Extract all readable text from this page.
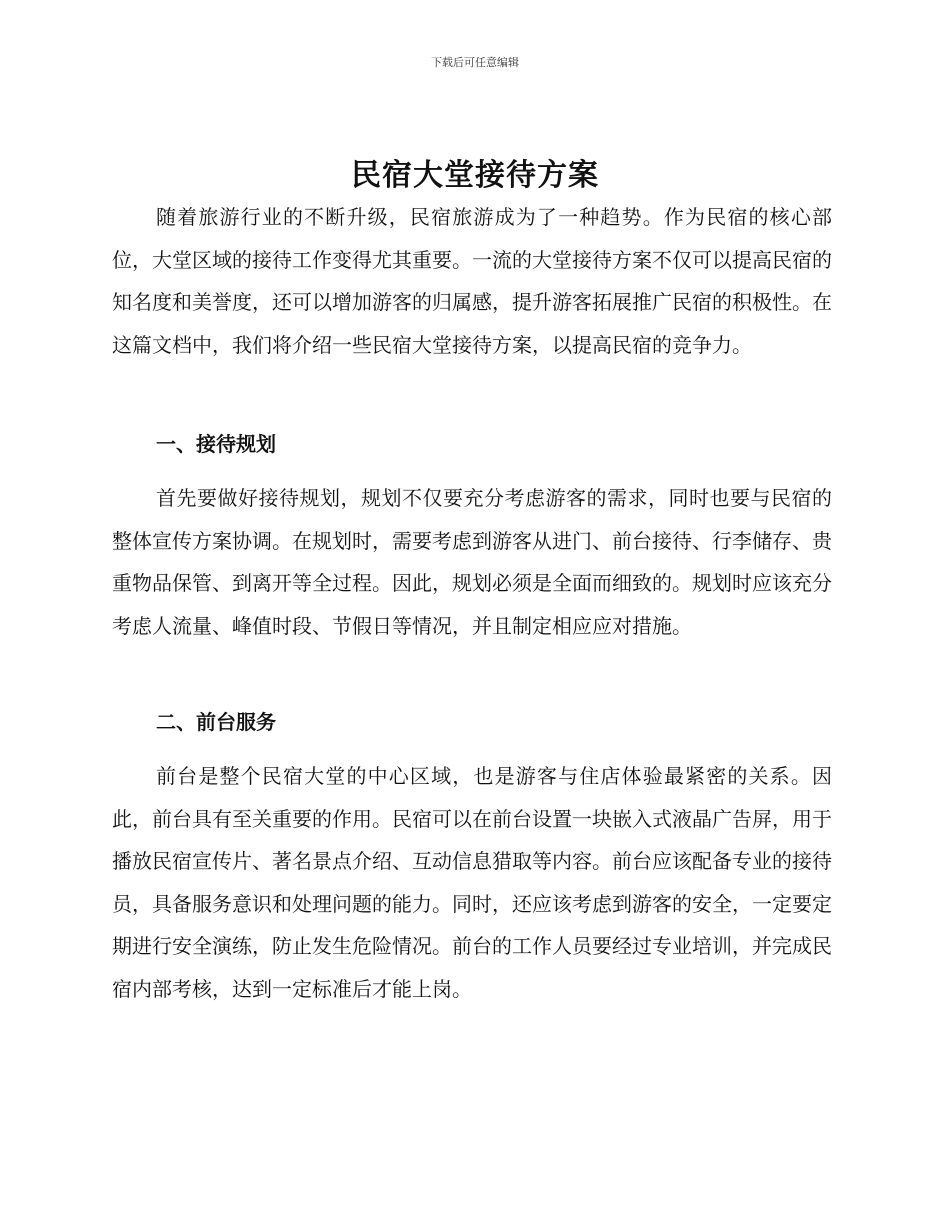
下载后可任意编辑
民宿大堂接待方案

随着旅游行业的不断升级，民宿旅游成为了一种趋势。作为民宿的核心部位，大堂区域的接待工作变得尤其重要。一流的大堂接待方案不仅可以提高民宿的知名度和美誉度，还可以增加游客的归属感，提升游客拓展推广民宿的积极性。在这篇文档中，我们将介绍一些民宿大堂接待方案，以提高民宿的竞争力。

一、接待规划

首先要做好接待规划，规划不仅要充分考虑游客的需求，同时也要与民宿的整体宣传方案协调。在规划时，需要考虑到游客从进门、前台接待、行李储存、贵重物品保管、到离开等全过程。因此，规划必须是全面而细致的。规划时应该充分考虑人流量、峰值时段、节假日等情况，并且制定相应应对措施。

二、前台服务

前台是整个民宿大堂的中心区域，也是游客与住店体验最紧密的关系。因此，前台具有至关重要的作用。民宿可以在前台设置一块嵌入式液晶广告屏，用于播放民宿宣传片、著名景点介绍、互动信息猎取等内容。前台应该配备专业的接待员，具备服务意识和处理问题的能力。同时，还应该考虑到游客的安全，一定要定期进行安全演练，防止发生危险情况。前台的工作人员要经过专业培训，并完成民宿内部考核，达到一定标准后才能上岗。
